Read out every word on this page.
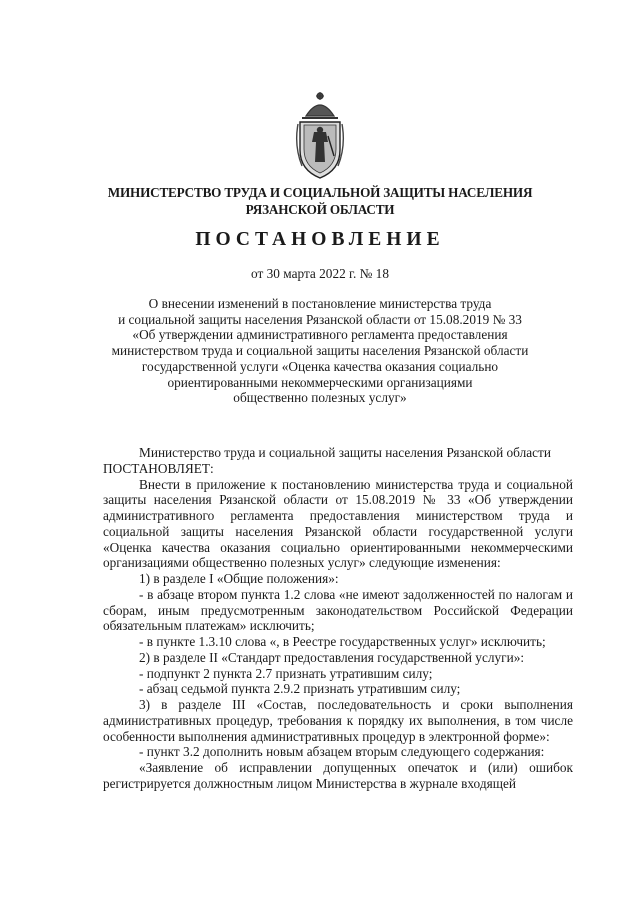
МИНИСТЕРСТВО ТРУДА И СОЦИАЛЬНОЙ ЗАЩИТЫ НАСЕЛЕНИЯ
РЯЗАНСКОЙ ОБЛАСТИ
ПОСТАНОВЛЕНИЕ
от 30 марта 2022 г. № 18
О внесении изменений в постановление министерства труда
и социальной защиты населения Рязанской области от 15.08.2019 № 33
«Об утверждении административного регламента предоставления
министерством труда и социальной защиты населения Рязанской области
государственной услуги «Оценка качества оказания социально
ориентированными некоммерческими организациями
общественно полезных услуг»

Министерство труда и социальной защиты населения Рязанской области

ПОСТАНОВЛЯЕТ:

Внести в приложение к постановлению министерства труда и социальной защиты населения Рязанской области от 15.08.2019 № 33 «Об утверждении административного регламента предоставления министерством труда и социальной защиты населения Рязанской области государственной услуги «Оценка качества оказания социально ориентированными некоммерческими организациями общественно полезных услуг» следующие изменения:

1) в разделе I «Общие положения»:

- в абзаце втором пункта 1.2 слова «не имеют задолженностей по налогам и сборам, иным предусмотренным законодательством Российской Федерации обязательным платежам» исключить;

- в пункте 1.3.10 слова «, в Реестре государственных услуг» исключить;

2) в разделе II «Стандарт предоставления государственной услуги»:

- подпункт 2 пункта 2.7 признать утратившим силу;

- абзац седьмой пункта 2.9.2 признать утратившим силу;

3) в разделе III «Состав, последовательность и сроки выполнения административных процедур, требования к порядку их выполнения, в том числе особенности выполнения административных процедур в электронной форме»:

- пункт 3.2 дополнить новым абзацем вторым следующего содержания:

«Заявление об исправлении допущенных опечаток и (или) ошибок регистрируется должностным лицом Министерства в журнале входящей
